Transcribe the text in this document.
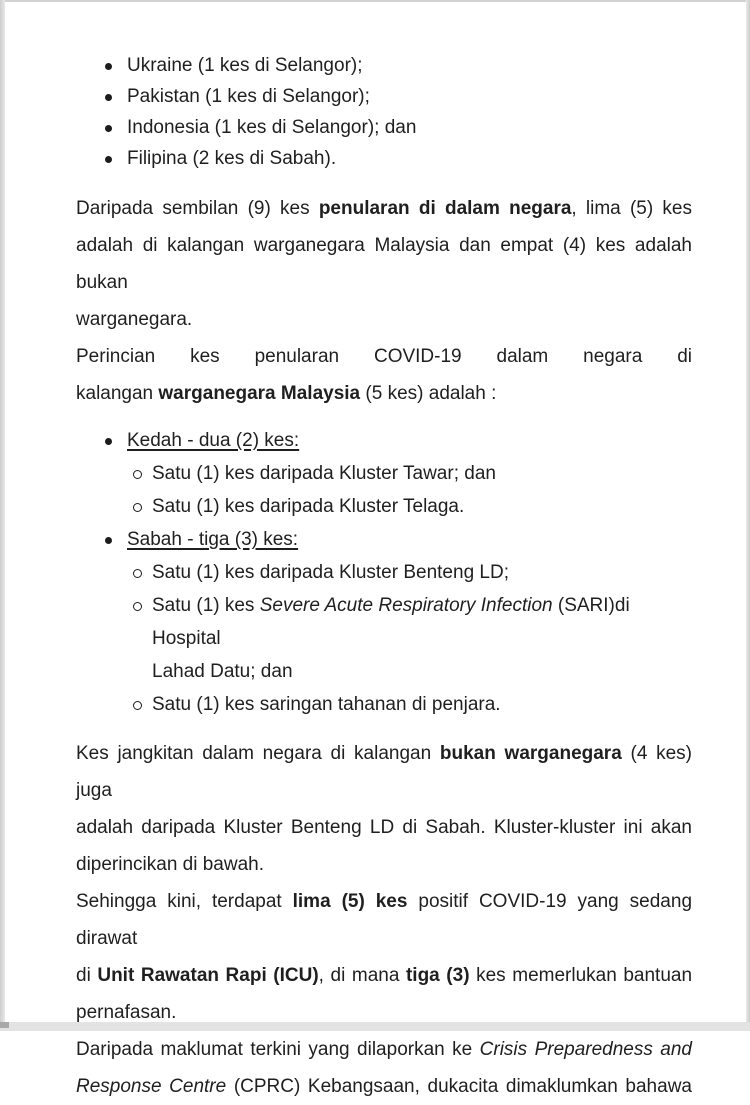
Ukraine (1 kes di Selangor);
Pakistan (1 kes di Selangor);
Indonesia (1 kes di Selangor); dan
Filipina (2 kes di Sabah).
Daripada sembilan (9) kes penularan di dalam negara, lima (5) kes
adalah di kalangan warganegara Malaysia dan empat (4) kes adalah bukan
warganegara.
Perincian kes penularan COVID-19 dalam negara di
kalangan warganegara Malaysia (5 kes) adalah :
Kedah - dua (2) kes:
Satu (1) kes daripada Kluster Tawar; dan
Satu (1) kes daripada Kluster Telaga.
Sabah - tiga (3) kes:
Satu (1) kes daripada Kluster Benteng LD;
Satu (1) kes Severe Acute Respiratory Infection (SARI)di Hospital
Lahad Datu; dan
Satu (1) kes saringan tahanan di penjara.
Kes jangkitan dalam negara di kalangan bukan warganegara (4 kes) juga
adalah daripada Kluster Benteng LD di Sabah. Kluster-kluster ini akan
diperincikan di bawah.
Sehingga kini, terdapat lima (5) kes positif COVID-19 yang sedang dirawat
di Unit Rawatan Rapi (ICU), di mana tiga (3) kes memerlukan bantuan
pernafasan.
Daripada maklumat terkini yang dilaporkan ke Crisis Preparedness and
Response Centre (CPRC) Kebangsaan, dukacita dimaklumkan bahawa
